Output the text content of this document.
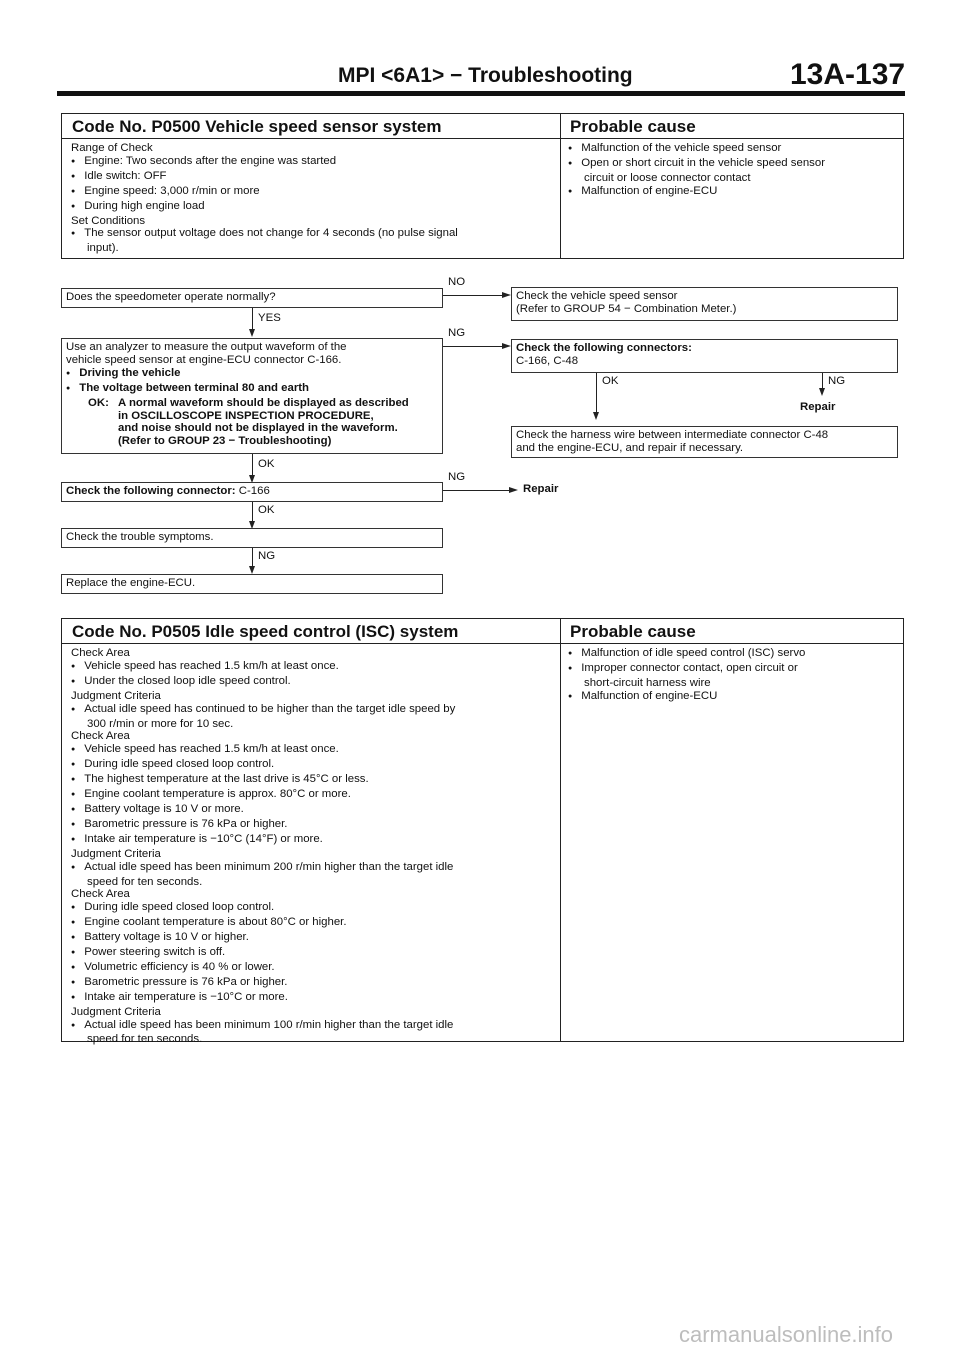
MPI <6A1> − Troubleshooting	13A-137
Code No. P0500 Vehicle speed sensor system	Probable cause
Range of Check
● Engine: Two seconds after the engine was started
● Idle switch: OFF
● Engine speed: 3,000 r/min or more
● During high engine load
Set Conditions
● The sensor output voltage does not change for 4 seconds (no pulse signal
input).
● Malfunction of the vehicle speed sensor
● Open or short circuit in the vehicle speed sensor
circuit or loose connector contact
● Malfunction of engine-ECU
Does the speedometer operate normally?
NO
Check the vehicle speed sensor
(Refer to GROUP 54 − Combination Meter.)
YES
Use an analyzer to measure the output waveform of the
vehicle speed sensor at engine-ECU connector C-166.
● Driving the vehicle
● The voltage between terminal 80 and earth
OK: A normal waveform should be displayed as described
in OSCILLOSCOPE INSPECTION PROCEDURE,
and noise should not be displayed in the waveform.
(Refer to GROUP 23 − Troubleshooting)
NG
Check the following connectors:
C-166, C-48
OK	NG
Repair
Check the harness wire between intermediate connector C-48
and the engine-ECU, and repair if necessary.
OK
Check the following connector: C-166
NG
Repair
OK
Check the trouble symptoms.
NG
Replace the engine-ECU.
Code No. P0505 Idle speed control (ISC) system	Probable cause
Check Area
● Vehicle speed has reached 1.5 km/h at least once.
● Under the closed loop idle speed control.
Judgment Criteria
● Actual idle speed has continued to be higher than the target idle speed by
300 r/min or more for 10 sec.
Check Area
● Vehicle speed has reached 1.5 km/h at least once.
● During idle speed closed loop control.
● The highest temperature at the last drive is 45°C or less.
● Engine coolant temperature is approx. 80°C or more.
● Battery voltage is 10 V or more.
● Barometric pressure is 76 kPa or higher.
● Intake air temperature is −10°C (14°F) or more.
Judgment Criteria
● Actual idle speed has been minimum 200 r/min higher than the target idle
speed for ten seconds.
Check Area
● During idle speed closed loop control.
● Engine coolant temperature is about 80°C or higher.
● Battery voltage is 10 V or higher.
● Power steering switch is off.
● Volumetric efficiency is 40 % or lower.
● Barometric pressure is 76 kPa or higher.
● Intake air temperature is −10°C or more.
Judgment Criteria
● Actual idle speed has been minimum 100 r/min higher than the target idle
speed for ten seconds.
● Malfunction of idle speed control (ISC) servo
● Improper connector contact, open circuit or
short-circuit harness wire
● Malfunction of engine-ECU
carmanualsonline.info
